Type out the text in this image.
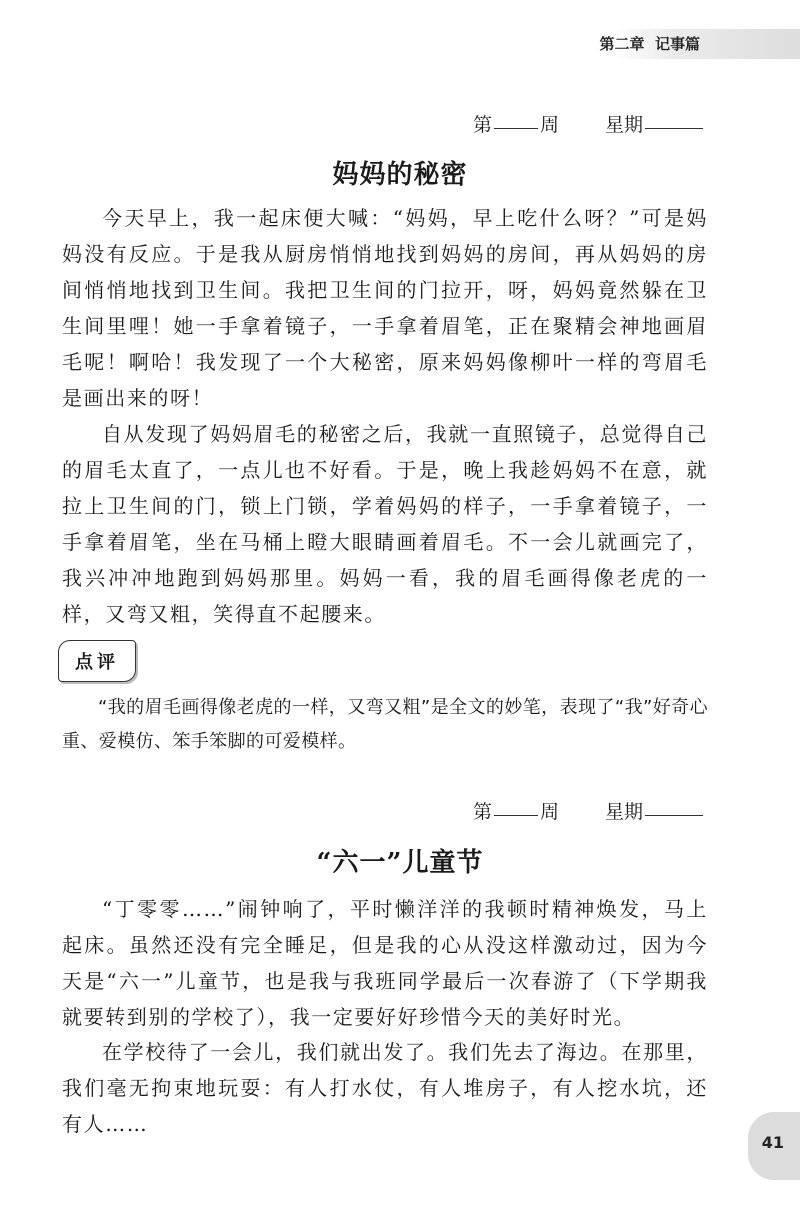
第二章  记事篇
第	周 星期
妈妈的秘密

今天早上，我一起床便大喊：“妈妈，早上吃什么呀？”可是妈妈没有反应。于是我从厨房悄悄地找到妈妈的房间，再从妈妈的房间悄悄地找到卫生间。我把卫生间的门拉开，呀，妈妈竟然躲在卫生间里哩！她一手拿着镜子，一手拿着眉笔，正在聚精会神地画眉毛呢！啊哈！我发现了一个大秘密，原来妈妈像柳叶一样的弯眉毛是画出来的呀！

自从发现了妈妈眉毛的秘密之后，我就一直照镜子，总觉得自己的眉毛太直了，一点儿也不好看。于是，晚上我趁妈妈不在意，就拉上卫生间的门，锁上门锁，学着妈妈的样子，一手拿着镜子，一手拿着眉笔，坐在马桶上瞪大眼睛画着眉毛。不一会儿就画完了，我兴冲冲地跑到妈妈那里。妈妈一看，我的眉毛画得像老虎的一样，又弯又粗，笑得直不起腰来。

点评

“我的眉毛画得像老虎的一样，又弯又粗”是全文的妙笔，表现了“我”好奇心重、爱模仿、笨手笨脚的可爱模样。

第	周 星期
“六一”儿童节

“丁零零……”闹钟响了，平时懒洋洋的我顿时精神焕发，马上起床。虽然还没有完全睡足，但是我的心从没这样激动过，因为今天是“六一”儿童节，也是我与我班同学最后一次春游了（下学期我就要转到别的学校了），我一定要好好珍惜今天的美好时光。

在学校待了一会儿，我们就出发了。我们先去了海边。在那里，我们毫无拘束地玩耍：有人打水仗，有人堆房子，有人挖水坑，还有人……

41
